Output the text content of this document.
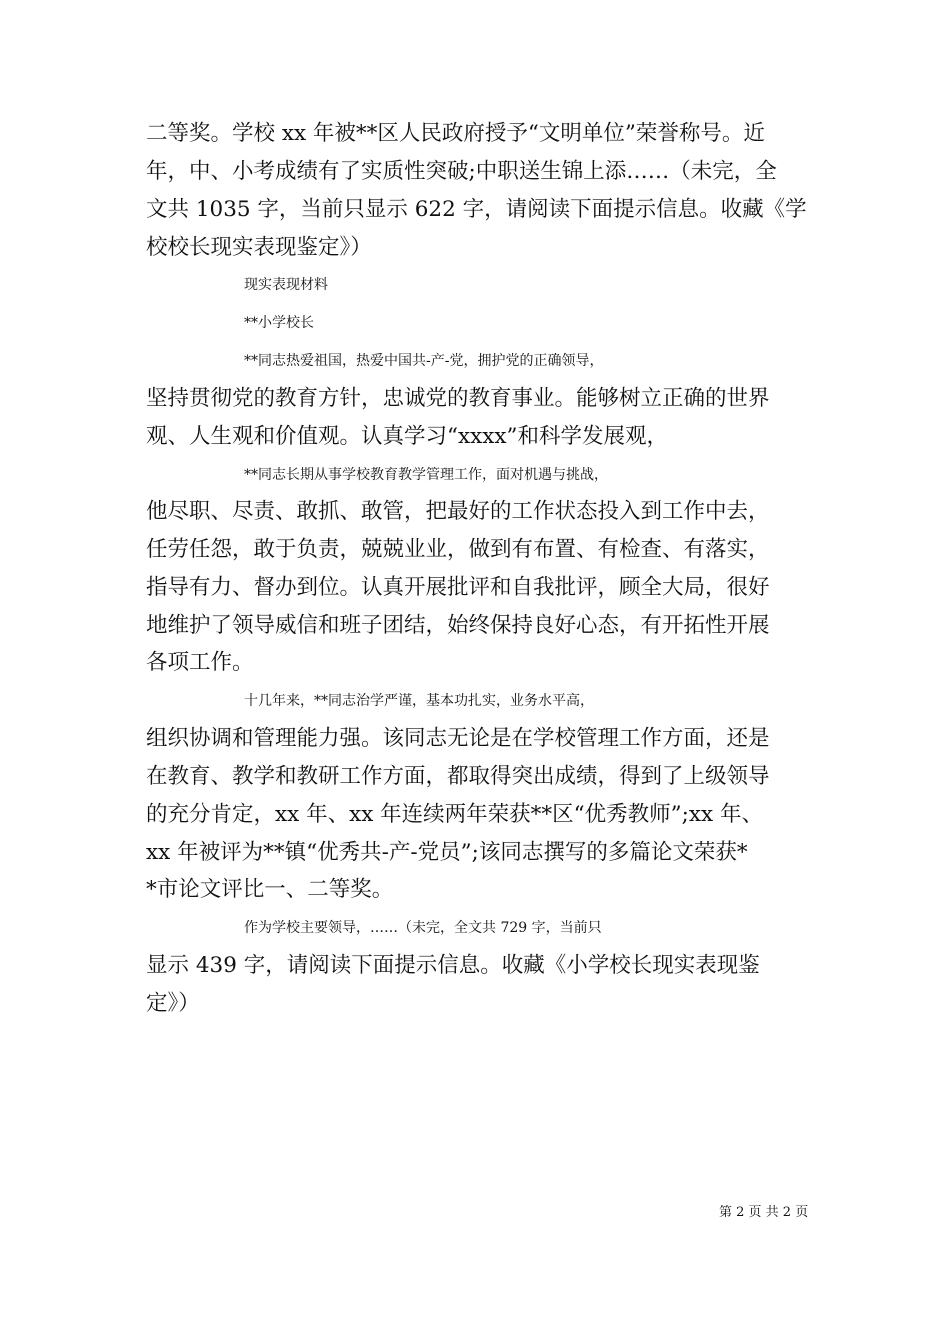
二等奖。学校 xx 年被**区人民政府授予“文明单位”荣誉称号。近
年，中、小考成绩有了实质性突破;中职送生锦上添……（未完，全
文共 1035 字，当前只显示 622 字，请阅读下面提示信息。收藏《学
校校长现实表现鉴定》）
现实表现材料
**小学校长
**同志热爱祖国，热爱中国共-产-党，拥护党的正确领导，
坚持贯彻党的教育方针，忠诚党的教育事业。能够树立正确的世界
观、人生观和价值观。认真学习“xxxx”和科学发展观，
**同志长期从事学校教育教学管理工作，面对机遇与挑战，
他尽职、尽责、敢抓、敢管，把最好的工作状态投入到工作中去，
任劳任怨，敢于负责，兢兢业业，做到有布置、有检查、有落实，
指导有力、督办到位。认真开展批评和自我批评，顾全大局，很好
地维护了领导威信和班子团结，始终保持良好心态，有开拓性开展
各项工作。
十几年来，**同志治学严谨，基本功扎实，业务水平高，
组织协调和管理能力强。该同志无论是在学校管理工作方面，还是
在教育、教学和教研工作方面，都取得突出成绩，得到了上级领导
的充分肯定，xx 年、xx 年连续两年荣获**区“优秀教师”;xx 年、
xx 年被评为**镇“优秀共-产-党员”;该同志撰写的多篇论文荣获*
*市论文评比一、二等奖。
作为学校主要领导，……（未完，全文共 729 字，当前只
显示 439 字，请阅读下面提示信息。收藏《小学校长现实表现鉴
定》）
第 2 页 共 2 页
